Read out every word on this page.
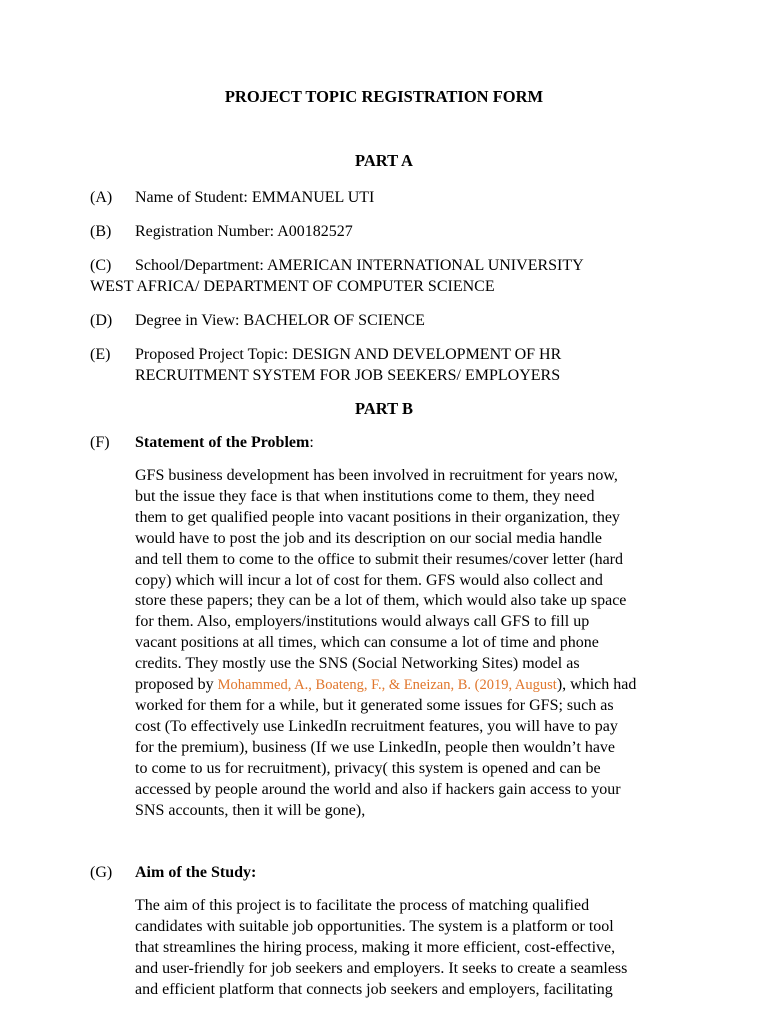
PROJECT TOPIC REGISTRATION FORM
PART A
(A) Name of Student: EMMANUEL UTI
(B) Registration Number: A00182527
(C) School/Department: AMERICAN INTERNATIONAL UNIVERSITY
WEST AFRICA/ DEPARTMENT OF COMPUTER SCIENCE
(D) Degree in View: BACHELOR OF SCIENCE
(E) Proposed Project Topic: DESIGN AND DEVELOPMENT OF HR
RECRUITMENT SYSTEM FOR JOB SEEKERS/ EMPLOYERS
PART B
(F) Statement of the Problem:
GFS business development has been involved in recruitment for years now,
but the issue they face is that when institutions come to them, they need
them to get qualified people into vacant positions in their organization, they
would have to post the job and its description on our social media handle
and tell them to come to the office to submit their resumes/cover letter (hard
copy) which will incur a lot of cost for them. GFS would also collect and
store these papers; they can be a lot of them, which would also take up space
for them. Also, employers/institutions would always call GFS to fill up
vacant positions at all times, which can consume a lot of time and phone
credits. They mostly use the SNS (Social Networking Sites) model as
proposed by Mohammed, A., Boateng, F., & Eneizan, B. (2019, August), which had
worked for them for a while, but it generated some issues for GFS; such as
cost (To effectively use LinkedIn recruitment features, you will have to pay
for the premium), business (If we use LinkedIn, people then wouldn’t have
to come to us for recruitment), privacy( this system is opened and can be
accessed by people around the world and also if hackers gain access to your
SNS accounts, then it will be gone),
(G) Aim of the Study:
The aim of this project is to facilitate the process of matching qualified
candidates with suitable job opportunities. The system is a platform or tool
that streamlines the hiring process, making it more efficient, cost-effective,
and user-friendly for job seekers and employers. It seeks to create a seamless
and efficient platform that connects job seekers and employers, facilitating
